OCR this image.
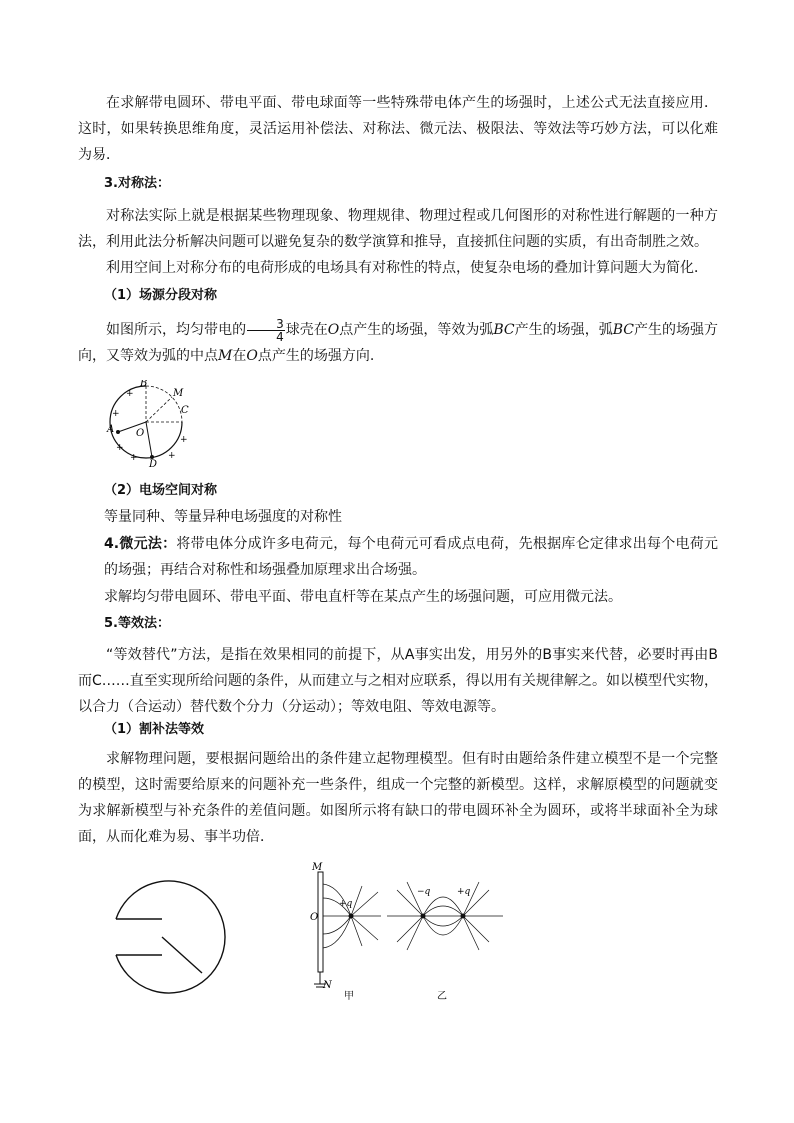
在求解带电圆环、带电平面、带电球面等一些特殊带电体产生的场强时，上述公式无法直接应用．这时，如果转换思维角度，灵活运用补偿法、对称法、微元法、极限法、等效法等巧妙方法，可以化难为易．

3.对称法：

对称法实际上就是根据某些物理现象、物理规律、物理过程或几何图形的对称性进行解题的一种方法，利用此法分析解决问题可以避免复杂的数学演算和推导，直接抓住问题的实质，有出奇制胜之效。

利用空间上对称分布的电荷形成的电场具有对称性的特点，使复杂电场的叠加计算问题大为简化．

（1）场源分段对称

如图所示，均匀带电的 $\frac{3}{4}$ 球壳在O点产生的场强，等效为弧BC产生的场强，弧BC产生的场强方向，又等效为弧的中点M在O点产生的场强方向.

B
M
C
A O
D
+
+
+
+
+
+

（2）电场空间对称

等量同种、等量异种电场强度的对称性

4.微元法：将带电体分成许多电荷元，每个电荷元可看成点电荷，先根据库仑定律求出每个电荷元的场强；再结合对称性和场强叠加原理求出合场强。

求解均匀带电圆环、带电平面、带电直杆等在某点产生的场强问题，可应用微元法。

5.等效法：

“等效替代”方法，是指在效果相同的前提下，从A事实出发，用另外的B事实来代替，必要时再由B而C……直至实现所给问题的条件，从而建立与之相对应联系，得以用有关规律解之。如以模型代实物，以合力（合运动）替代数个分力（分运动）；等效电阻、等效电源等。

（1）割补法等效

求解物理问题，要根据问题给出的条件建立起物理模型。但有时由题给条件建立模型不是一个完整的模型，这时需要给原来的问题补充一些条件，组成一个完整的新模型。这样，求解原模型的问题就变为求解新模型与补充条件的差值问题。如图所示将有缺口的带电圆环补全为圆环，或将半球面补全为球面，从而化难为易、事半功倍．

M
O
N
+q
甲
−q	+q
乙
